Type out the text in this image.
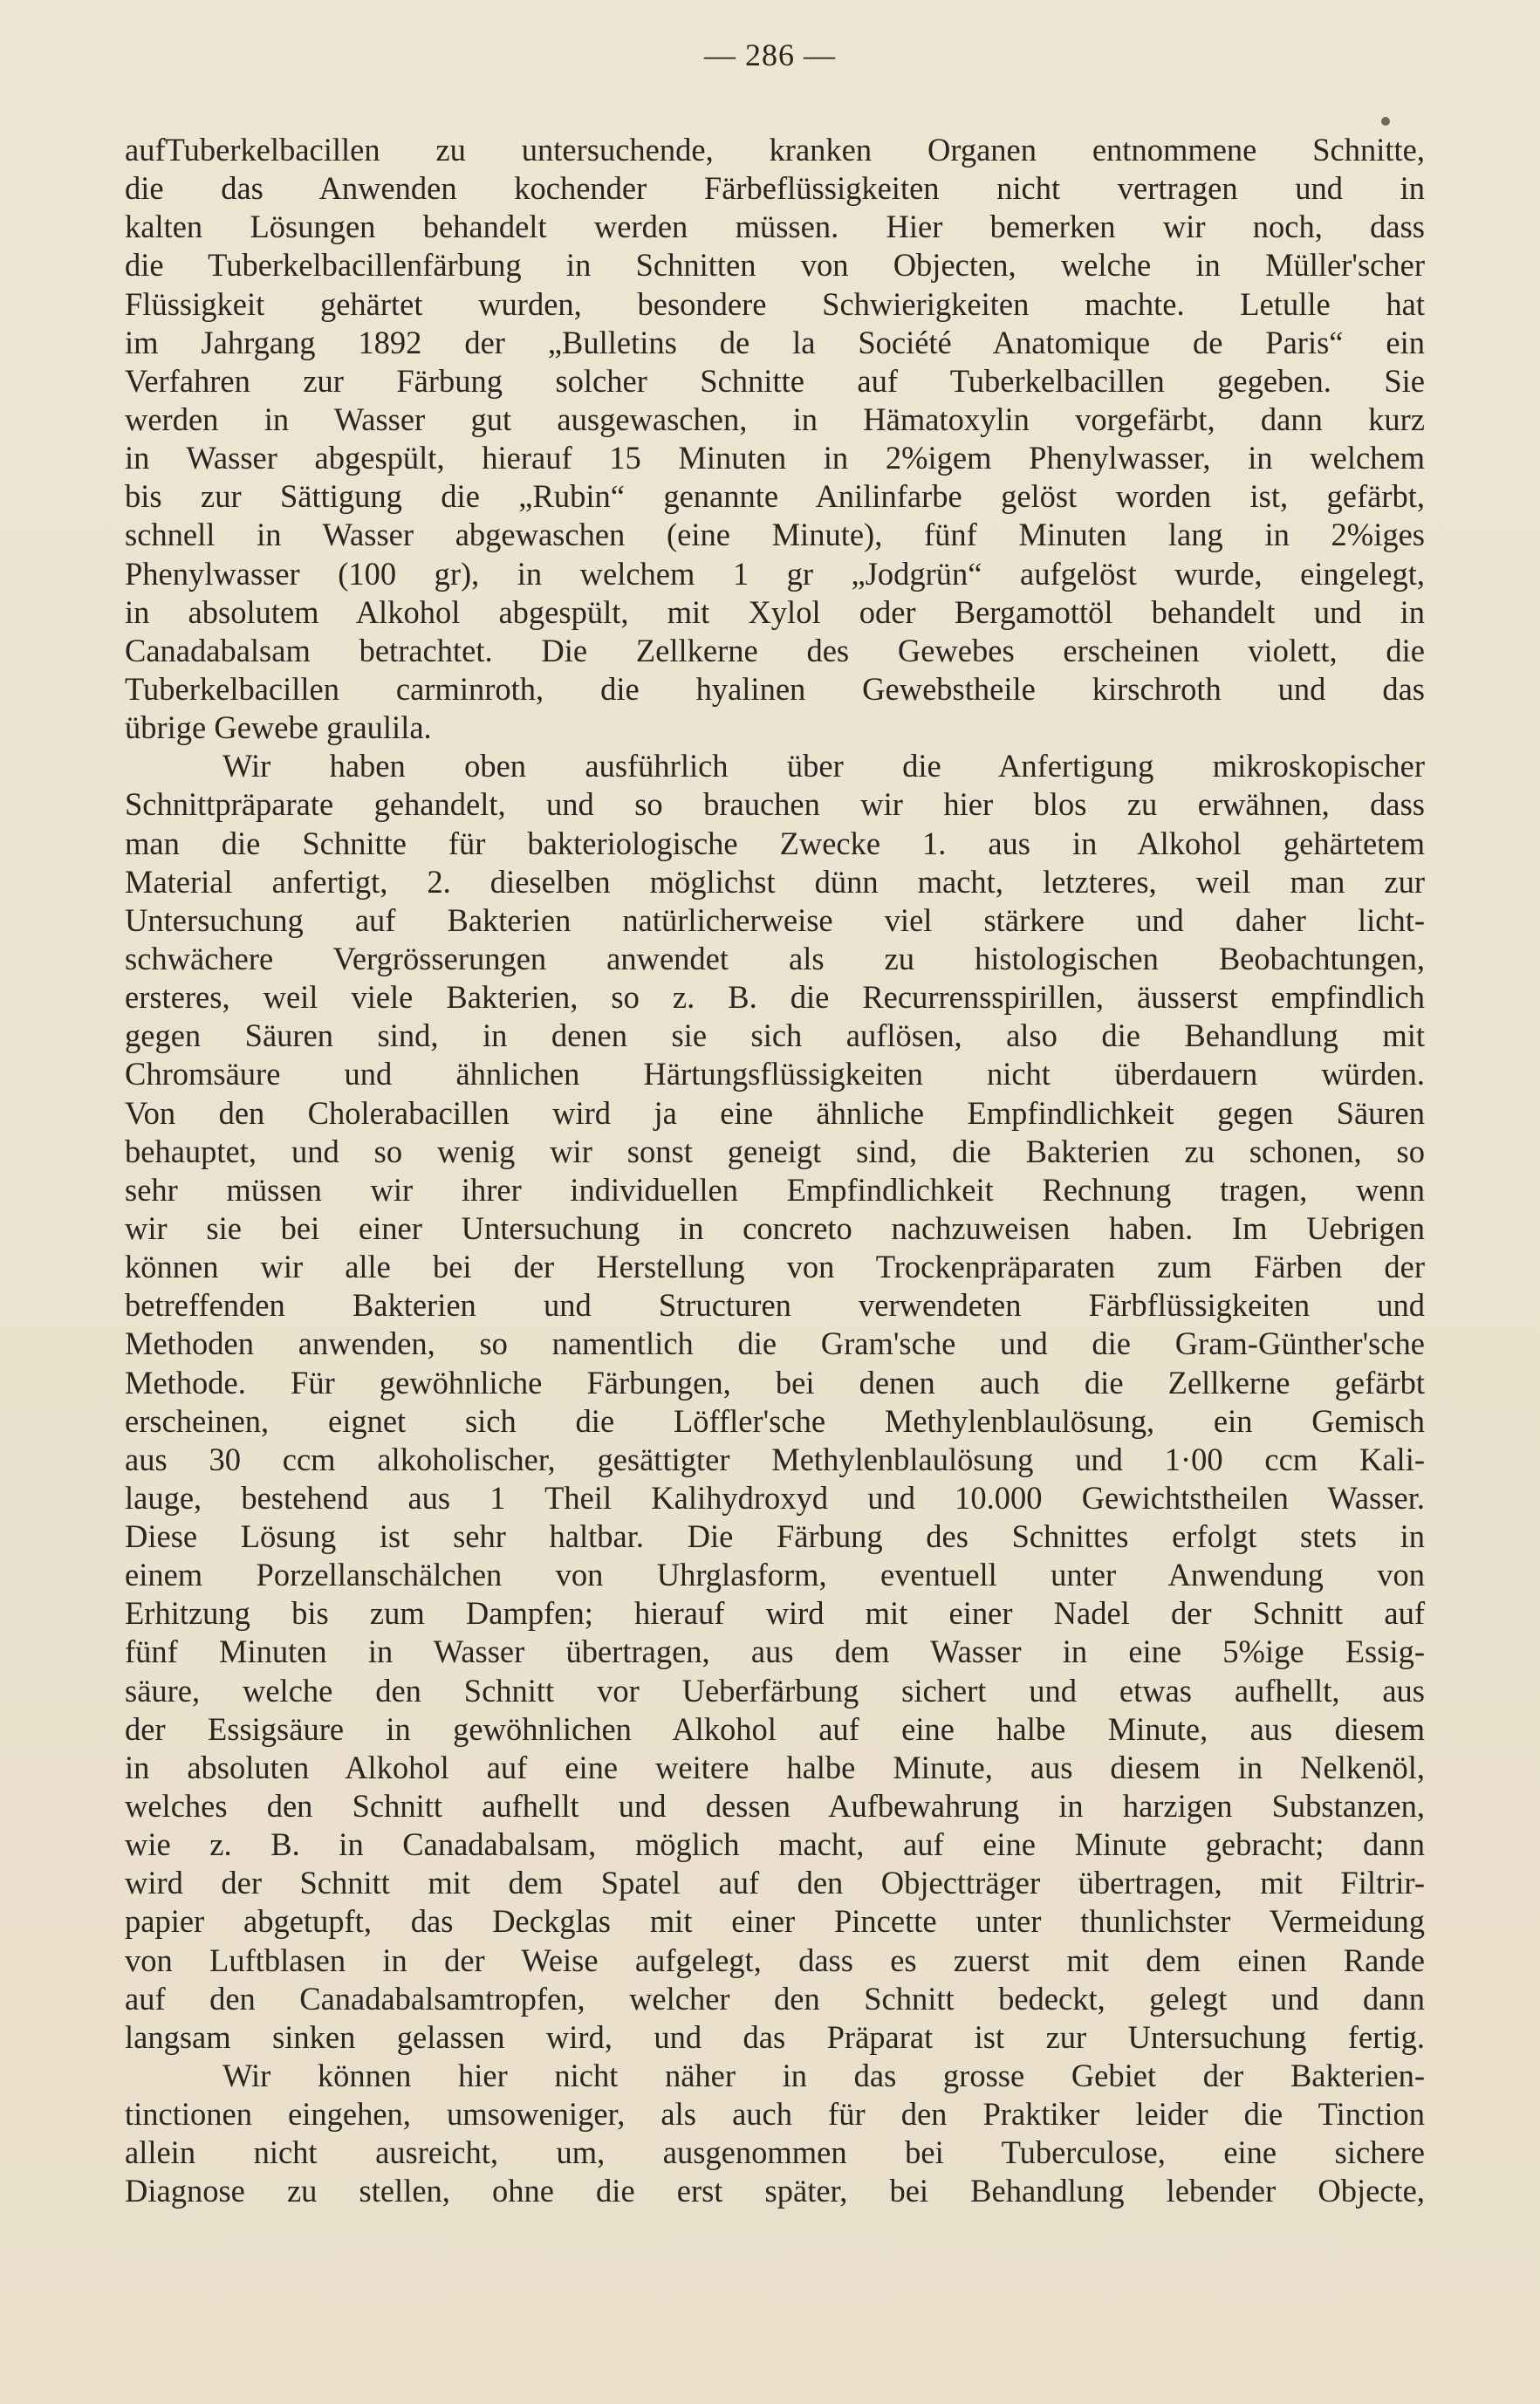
— 286 —
aufTuberkelbacillen zu untersuchende, kranken Organen entnommene Schnitte,
die das Anwenden kochender Färbeflüssigkeiten nicht vertragen und in
kalten Lösungen behandelt werden müssen. Hier bemerken wir noch, dass
die Tuberkelbacillenfärbung in Schnitten von Objecten, welche in Müller'scher
Flüssigkeit gehärtet wurden, besondere Schwierigkeiten machte. Letulle hat
im Jahrgang 1892 der „Bulletins de la Société Anatomique de Paris“ ein
Verfahren zur Färbung solcher Schnitte auf Tuberkelbacillen gegeben. Sie
werden in Wasser gut ausgewaschen, in Hämatoxylin vorgefärbt, dann kurz
in Wasser abgespült, hierauf 15 Minuten in 2%igem Phenylwasser, in welchem
bis zur Sättigung die „Rubin“ genannte Anilinfarbe gelöst worden ist, gefärbt,
schnell in Wasser abgewaschen (eine Minute), fünf Minuten lang in 2%iges
Phenylwasser (100 gr), in welchem 1 gr „Jodgrün“ aufgelöst wurde, eingelegt,
in absolutem Alkohol abgespült, mit Xylol oder Bergamottöl behandelt und in
Canadabalsam betrachtet. Die Zellkerne des Gewebes erscheinen violett, die
Tuberkelbacillen carminroth, die hyalinen Gewebstheile kirschroth und das
übrige Gewebe graulila.
Wir haben oben ausführlich über die Anfertigung mikroskopischer
Schnittpräparate gehandelt, und so brauchen wir hier blos zu erwähnen, dass
man die Schnitte für bakteriologische Zwecke 1. aus in Alkohol gehärtetem
Material anfertigt, 2. dieselben möglichst dünn macht, letzteres, weil man zur
Untersuchung auf Bakterien natürlicherweise viel stärkere und daher licht-
schwächere Vergrösserungen anwendet als zu histologischen Beobachtungen,
ersteres, weil viele Bakterien, so z. B. die Recurrensspirillen, äusserst empfindlich
gegen Säuren sind, in denen sie sich auflösen, also die Behandlung mit
Chromsäure und ähnlichen Härtungsflüssigkeiten nicht überdauern würden.
Von den Cholerabacillen wird ja eine ähnliche Empfindlichkeit gegen Säuren
behauptet, und so wenig wir sonst geneigt sind, die Bakterien zu schonen, so
sehr müssen wir ihrer individuellen Empfindlichkeit Rechnung tragen, wenn
wir sie bei einer Untersuchung in concreto nachzuweisen haben. Im Uebrigen
können wir alle bei der Herstellung von Trockenpräparaten zum Färben der
betreffenden Bakterien und Structuren verwendeten Färbflüssigkeiten und
Methoden anwenden, so namentlich die Gram'sche und die Gram-Günther'sche
Methode. Für gewöhnliche Färbungen, bei denen auch die Zellkerne gefärbt
erscheinen, eignet sich die Löffler'sche Methylenblaulösung, ein Gemisch
aus 30 ccm alkoholischer, gesättigter Methylenblaulösung und 1·00 ccm Kali-
lauge, bestehend aus 1 Theil Kalihydroxyd und 10.000 Gewichtstheilen Wasser.
Diese Lösung ist sehr haltbar. Die Färbung des Schnittes erfolgt stets in
einem Porzellanschälchen von Uhrglasform, eventuell unter Anwendung von
Erhitzung bis zum Dampfen; hierauf wird mit einer Nadel der Schnitt auf
fünf Minuten in Wasser übertragen, aus dem Wasser in eine 5%ige Essig-
säure, welche den Schnitt vor Ueberfärbung sichert und etwas aufhellt, aus
der Essigsäure in gewöhnlichen Alkohol auf eine halbe Minute, aus diesem
in absoluten Alkohol auf eine weitere halbe Minute, aus diesem in Nelkenöl,
welches den Schnitt aufhellt und dessen Aufbewahrung in harzigen Substanzen,
wie z. B. in Canadabalsam, möglich macht, auf eine Minute gebracht; dann
wird der Schnitt mit dem Spatel auf den Objectträger übertragen, mit Filtrir-
papier abgetupft, das Deckglas mit einer Pincette unter thunlichster Vermeidung
von Luftblasen in der Weise aufgelegt, dass es zuerst mit dem einen Rande
auf den Canadabalsamtropfen, welcher den Schnitt bedeckt, gelegt und dann
langsam sinken gelassen wird, und das Präparat ist zur Untersuchung fertig.
Wir können hier nicht näher in das grosse Gebiet der Bakterien-
tinctionen eingehen, umsoweniger, als auch für den Praktiker leider die Tinction
allein nicht ausreicht, um, ausgenommen bei Tuberculose, eine sichere
Diagnose zu stellen, ohne die erst später, bei Behandlung lebender Objecte,
